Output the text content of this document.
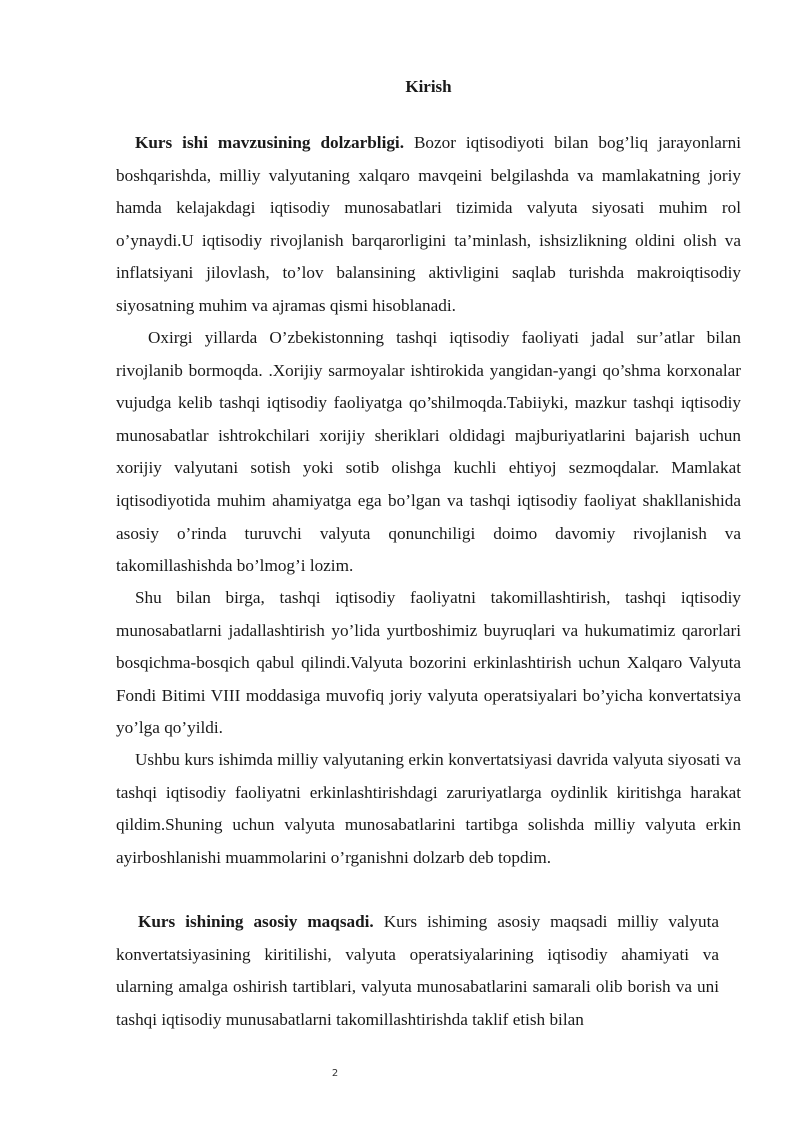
Kirish

Kurs ishi mavzusining dolzarbligi. Bozor iqtisodiyoti bilan bog’liq jarayonlarni boshqarishda, milliy valyutaning xalqaro mavqeini belgilashda va mamlakatning joriy hamda kelajakdagi iqtisodiy munosabatlari tizimida valyuta siyosati muhim rol o’ynaydi.U iqtisodiy rivojlanish barqarorligini ta’minlash, ishsizlikning oldini olish va inflatsiyani jilovlash, to’lov balansining aktivligini saqlab turishda makroiqtisodiy siyosatning muhim va ajramas qismi hisoblanadi.

Oxirgi yillarda O’zbekistonning tashqi iqtisodiy faoliyati jadal sur’atlar bilan rivojlanib bormoqda. .Xorijiy sarmoyalar ishtirokida yangidan-yangi qo’shma korxonalar vujudga kelib tashqi iqtisodiy faoliyatga qo’shilmoqda.Tabiiyki, mazkur tashqi iqtisodiy munosabatlar ishtrokchilari xorijiy sheriklari oldidagi majburiyatlarini bajarish uchun xorijiy valyutani sotish yoki sotib olishga kuchli ehtiyoj sezmoqdalar. Mamlakat iqtisodiyotida muhim ahamiyatga ega bo’lgan va tashqi iqtisodiy faoliyat shakllanishida asosiy o’rinda turuvchi valyuta qonunchiligi doimo davomiy rivojlanish va takomillashishda bo’lmog’i lozim.

Shu bilan birga, tashqi iqtisodiy faoliyatni takomillashtirish, tashqi iqtisodiy munosabatlarni jadallashtirish yo’lida yurtboshimiz buyruqlari va hukumatimiz qarorlari bosqichma-bosqich qabul qilindi.Valyuta bozorini erkinlashtirish uchun Xalqaro Valyuta Fondi Bitimi VIII moddasiga muvofiq joriy valyuta operatsiyalari bo’yicha konvertatsiya yo’lga qo’yildi.

Ushbu kurs ishimda milliy valyutaning erkin konvertatsiyasi davrida valyuta siyosati va tashqi iqtisodiy faoliyatni erkinlashtirishdagi zaruriyatlarga oydinlik kiritishga harakat qildim.Shuning uchun valyuta munosabatlarini tartibga solishda milliy valyuta erkin ayirboshlanishi muammolarini o’rganishni dolzarb deb topdim.

Kurs ishining asosiy maqsadi. Kurs ishiming asosiy maqsadi milliy valyuta konvertatsiyasining kiritilishi, valyuta operatsiyalarining iqtisodiy ahamiyati va ularning amalga oshirish tartiblari, valyuta munosabatlarini samarali olib borish va uni tashqi iqtisodiy munusabatlarni takomillashtirishda taklif etish bilan

2
